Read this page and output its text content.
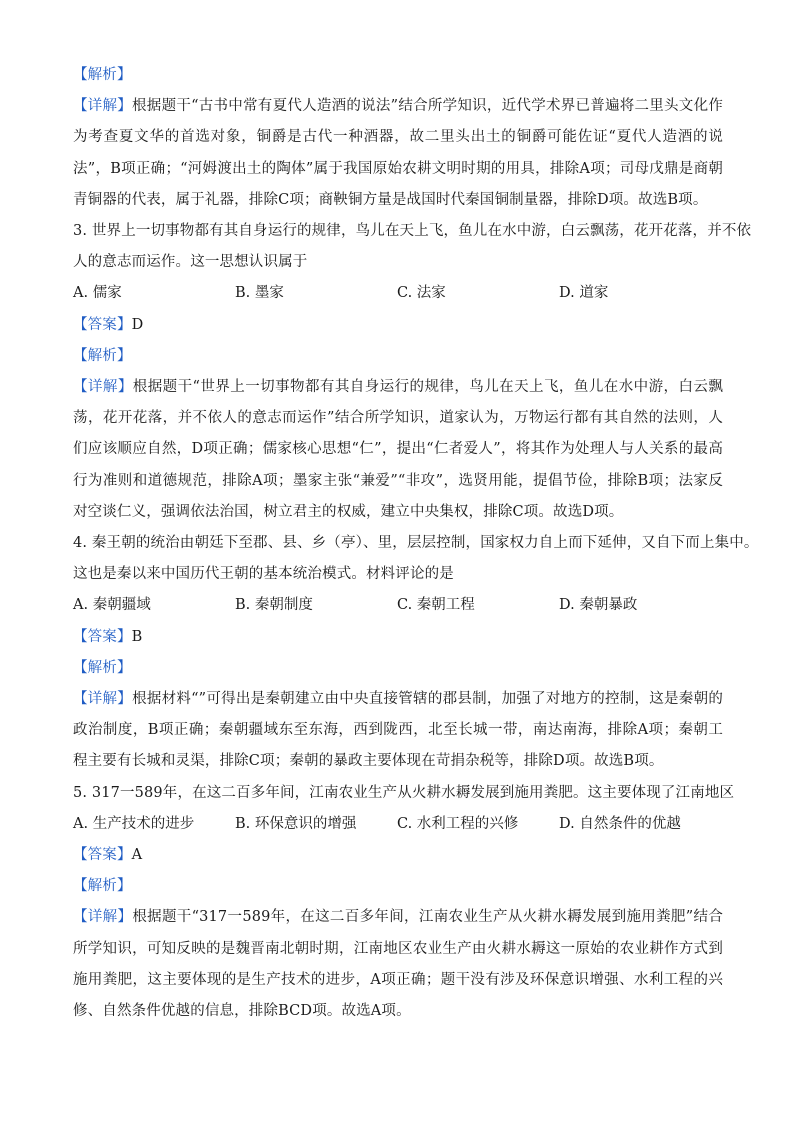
【解析】

【详解】根据题干“古书中常有夏代人造酒的说法”结合所学知识，近代学术界已普遍将二里头文化作为考查夏文华的首选对象，铜爵是古代一种酒器，故二里头出土的铜爵可能佐证“夏代人造酒的说法”，B项正确；“河姆渡出土的陶体”属于我国原始农耕文明时期的用具，排除A项；司母戊鼎是商朝青铜器的代表，属于礼器，排除C项；商鞅铜方量是战国时代秦国铜制量器，排除D项。故选B项。

3. 世界上一切事物都有其自身运行的规律，鸟儿在天上飞，鱼儿在水中游，白云飘荡，花开花落，并不依

人的意志而运作。这一思想认识属于

A. 儒家	B. 墨家	C. 法家	D. 道家

【答案】D

【解析】

【详解】根据题干“世界上一切事物都有其自身运行的规律，鸟儿在天上飞，鱼儿在水中游，白云飘荡，花开花落，并不依人的意志而运作”结合所学知识，道家认为，万物运行都有其自然的法则，人们应该顺应自然，D项正确；儒家核心思想“仁”，提出“仁者爱人”，将其作为处理人与人关系的最高行为准则和道德规范，排除A项；墨家主张“兼爱”“非攻”，选贤用能，提倡节俭，排除B项；法家反对空谈仁义，强调依法治国，树立君主的权威，建立中央集权，排除C项。故选D项。

4. 秦王朝的统治由朝廷下至郡、县、乡（亭）、里，层层控制，国家权力自上而下延伸，又自下而上集中。

这也是秦以来中国历代王朝的基本统治模式。材料评论的是

A. 秦朝疆域	B. 秦朝制度	C. 秦朝工程	D. 秦朝暴政

【答案】B

【解析】

【详解】根据材料“”可得出是秦朝建立由中央直接管辖的郡县制，加强了对地方的控制，这是秦朝的政治制度，B项正确；秦朝疆域东至东海，西到陇西，北至长城一带，南达南海，排除A项；秦朝工程主要有长城和灵渠，排除C项；秦朝的暴政主要体现在苛捐杂税等，排除D项。故选B项。

5. 317一589年，在这二百多年间，江南农业生产从火耕水耨发展到施用粪肥。这主要体现了江南地区

A. 生产技术的进步	B. 环保意识的增强	C. 水利工程的兴修	D. 自然条件的优越

【答案】A

【解析】

【详解】根据题干“317一589年，在这二百多年间，江南农业生产从火耕水耨发展到施用粪肥”结合所学知识，可知反映的是魏晋南北朝时期，江南地区农业生产由火耕水耨这一原始的农业耕作方式到施用粪肥，这主要体现的是生产技术的进步，A项正确；题干没有涉及环保意识增强、水利工程的兴修、自然条件优越的信息，排除BCD项。故选A项。
